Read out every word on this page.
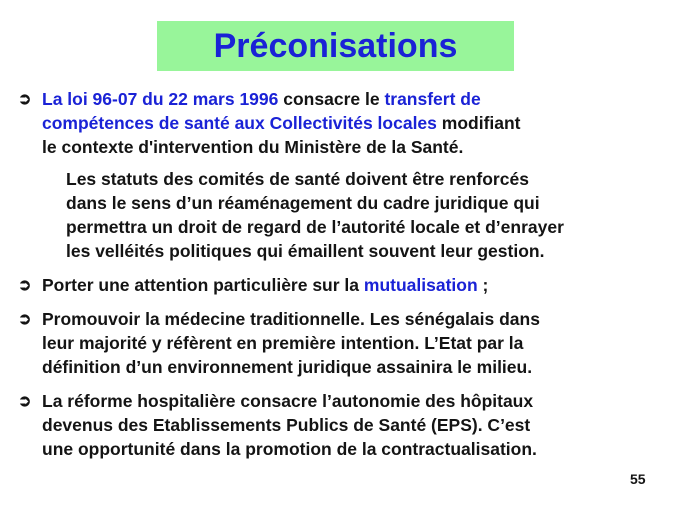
Préconisations
➲ La loi 96-07 du 22 mars 1996 consacre le transfert de
compétences de santé aux Collectivités locales modifiant
le contexte d'intervention du Ministère de la Santé.
Les statuts des comités de santé doivent être renforcés
dans le sens d’un réaménagement du cadre juridique qui
permettra un droit de regard de l’autorité locale et d’enrayer
les velléités politiques qui émaillent souvent leur gestion.
➲ Porter une attention particulière sur la mutualisation ;
➲ Promouvoir la médecine traditionnelle. Les sénégalais dans
leur majorité y réfèrent en première intention. L’Etat par la
définition d’un environnement juridique assainira le milieu.
➲ La réforme hospitalière consacre l’autonomie des hôpitaux
devenus des Etablissements Publics de Santé (EPS). C’est
une opportunité dans la promotion de la contractualisation.
55
